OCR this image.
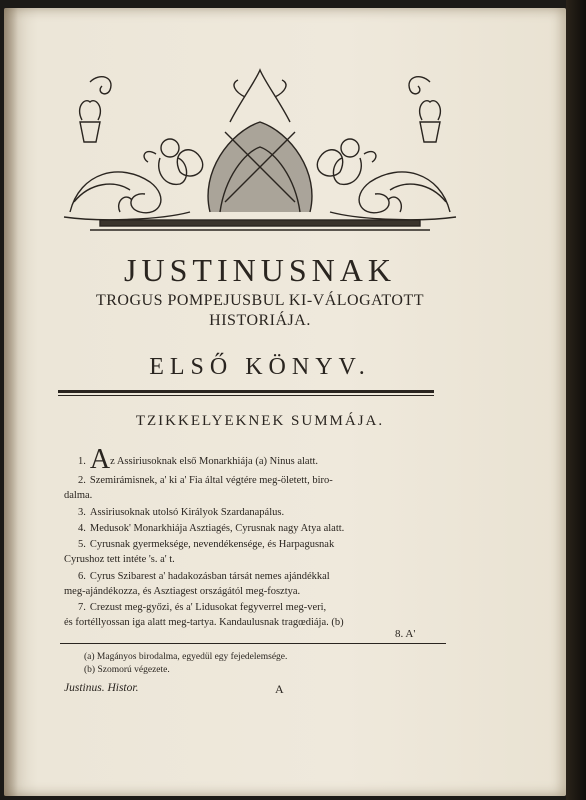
JUSTINUSNAK
TROGUS POMPEJUSBUL KI-VÁLOGATOTT
HISTORIÁJA.
ELSŐ KÖNYV.
TZIKKELYEKNEK SUMMÁJA.
1. Az Assiriusoknak első Monarkhiája (a) Ninus alatt.
2. Szemirámisnek, a' ki a' Fia által végtére meg-öletett, biro-
dalma.
3. Assiriusoknak utolsó Királyok Szardanapálus.
4. Medusok' Monarkhiája Asztiagés, Cyrusnak nagy Atya alatt.
5. Cyrusnak gyermeksége, nevendékensége, és Harpagusnak
Cyrushoz tett intéte 's. a' t.
6. Cyrus Szibarest a' hadakozásban társát nemes ajándékkal
meg-ajándékozza, és Asztiagest országától meg-fosztya.
7. Crezust meg-győzi, és a' Lidusokat fegyverrel meg-veri,
és fortéllyossan iga alatt meg-tartya. Kandaulusnak tragœdiája. (b)
8. A'
(a) Magányos birodalma, egyedül egy fejedelemsége.
(b) Szomorú végezete.
Justinus. Histor.	A
